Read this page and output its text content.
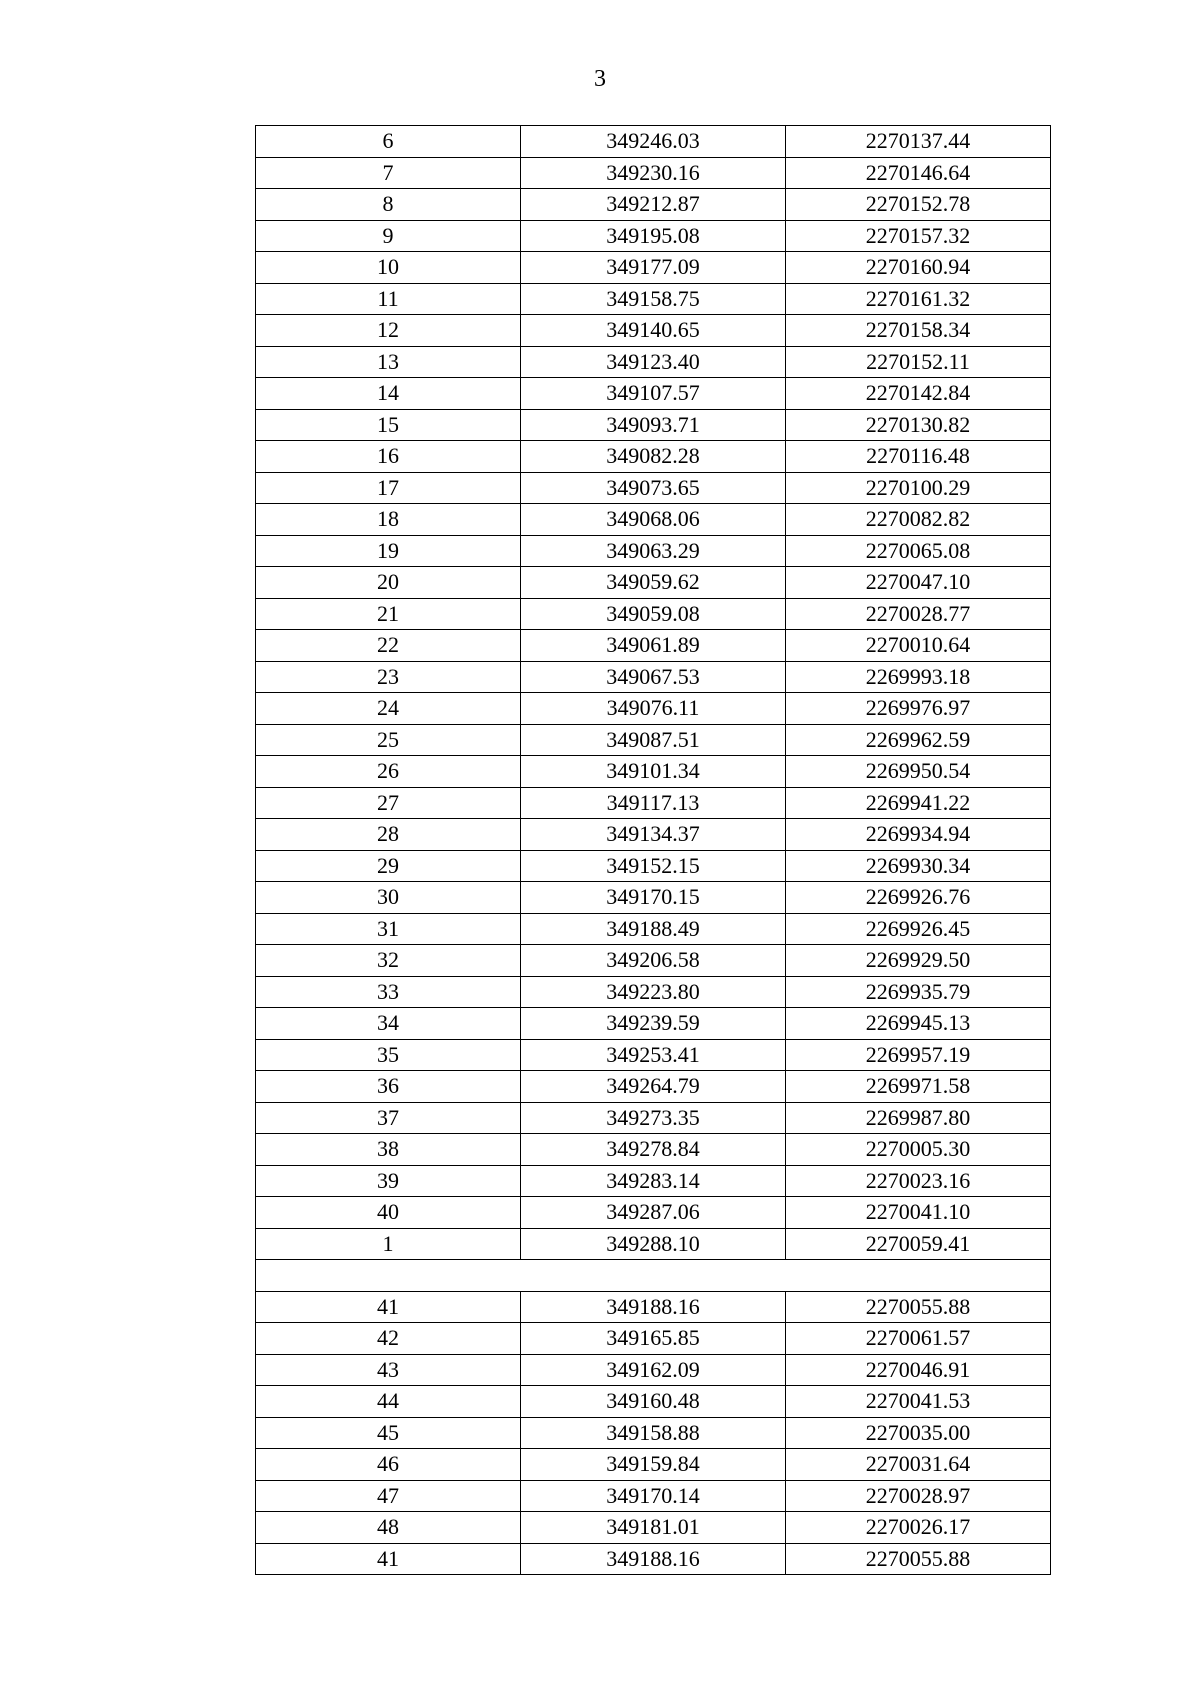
3
6	349246.03	2270137.44
7	349230.16	2270146.64
8	349212.87	2270152.78
9	349195.08	2270157.32
10	349177.09	2270160.94
11	349158.75	2270161.32
12	349140.65	2270158.34
13	349123.40	2270152.11
14	349107.57	2270142.84
15	349093.71	2270130.82
16	349082.28	2270116.48
17	349073.65	2270100.29
18	349068.06	2270082.82
19	349063.29	2270065.08
20	349059.62	2270047.10
21	349059.08	2270028.77
22	349061.89	2270010.64
23	349067.53	2269993.18
24	349076.11	2269976.97
25	349087.51	2269962.59
26	349101.34	2269950.54
27	349117.13	2269941.22
28	349134.37	2269934.94
29	349152.15	2269930.34
30	349170.15	2269926.76
31	349188.49	2269926.45
32	349206.58	2269929.50
33	349223.80	2269935.79
34	349239.59	2269945.13
35	349253.41	2269957.19
36	349264.79	2269971.58
37	349273.35	2269987.80
38	349278.84	2270005.30
39	349283.14	2270023.16
40	349287.06	2270041.10
1	349288.10	2270059.41

41	349188.16	2270055.88
42	349165.85	2270061.57
43	349162.09	2270046.91
44	349160.48	2270041.53
45	349158.88	2270035.00
46	349159.84	2270031.64
47	349170.14	2270028.97
48	349181.01	2270026.17
41	349188.16	2270055.88
